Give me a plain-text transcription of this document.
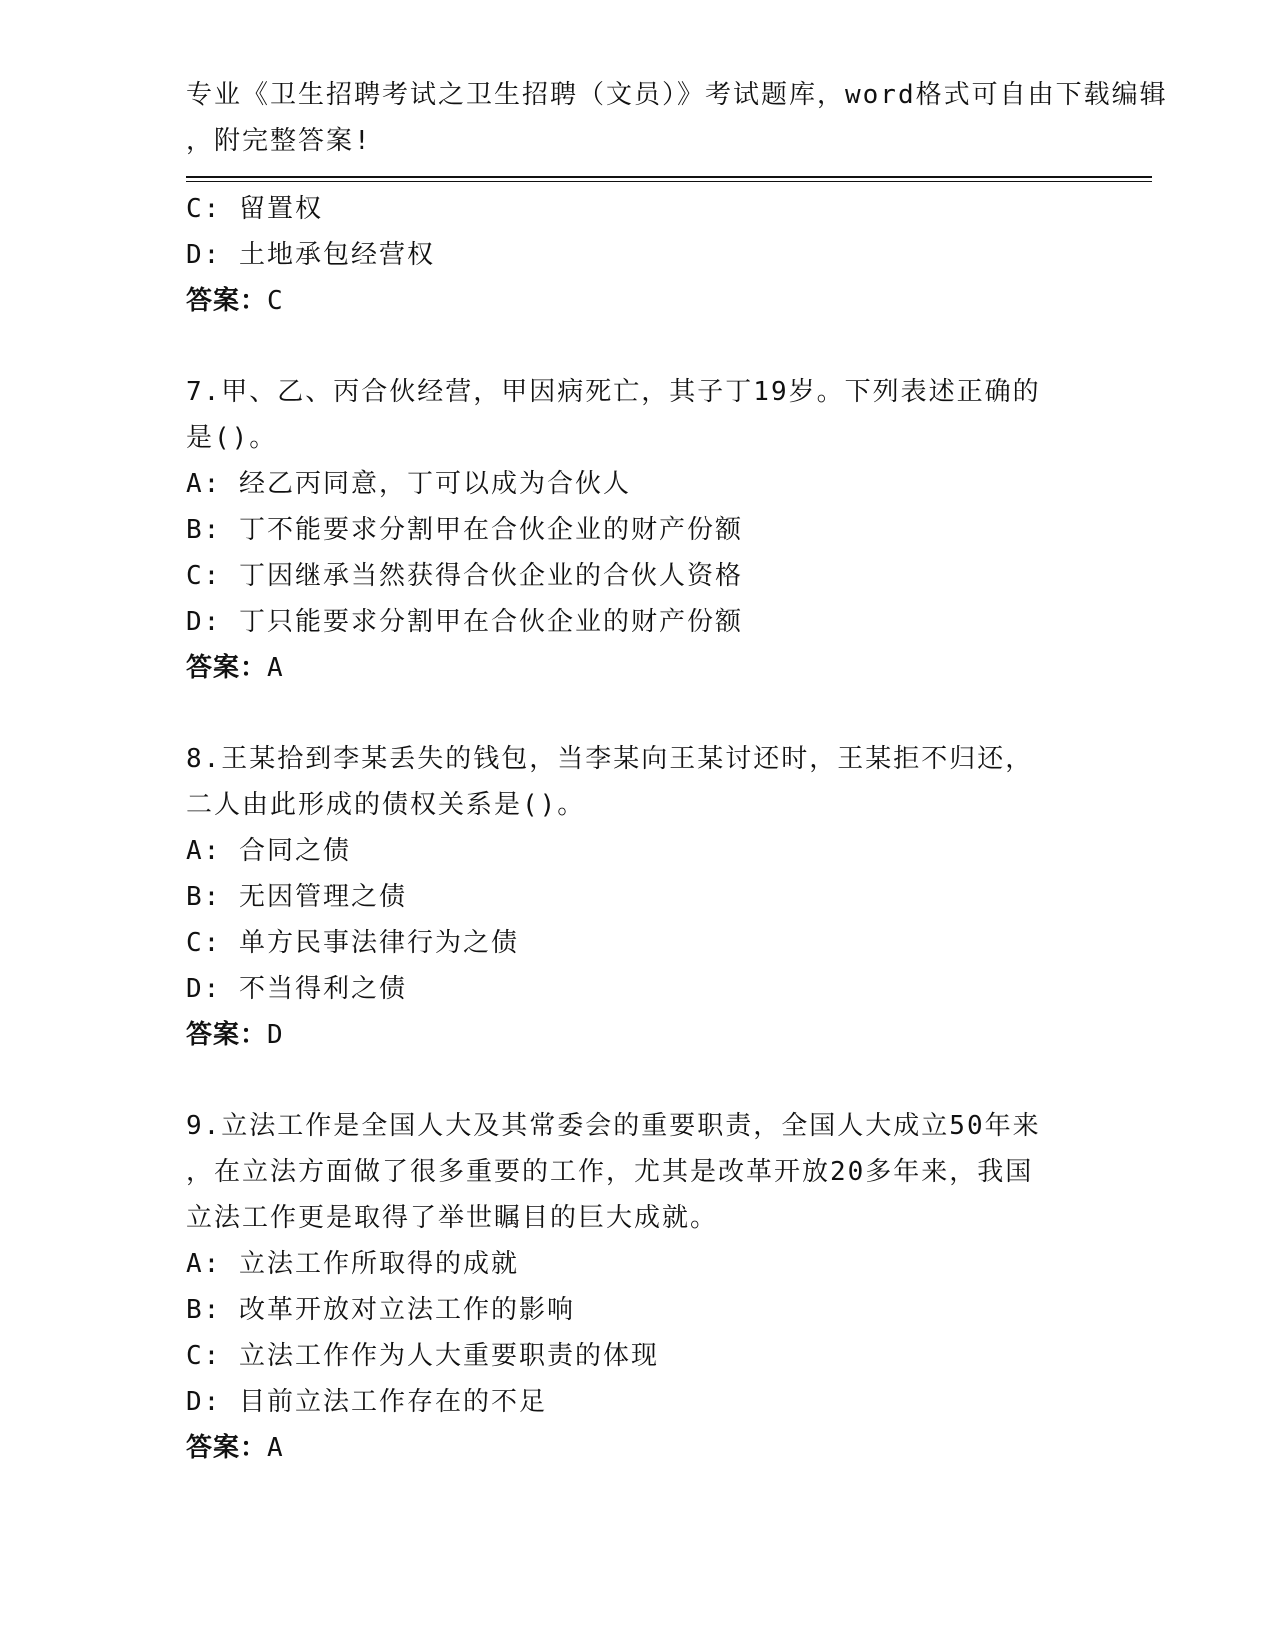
专业《卫生招聘考试之卫生招聘（文员）》考试题库，word格式可自由下载编辑
，附完整答案!
C: 留置权
D: 土地承包经营权
答案：C
7.甲、乙、丙合伙经营，甲因病死亡，其子丁19岁。下列表述正确的
是()。
A: 经乙丙同意，丁可以成为合伙人
B: 丁不能要求分割甲在合伙企业的财产份额
C: 丁因继承当然获得合伙企业的合伙人资格
D: 丁只能要求分割甲在合伙企业的财产份额
答案：A
8.王某拾到李某丢失的钱包，当李某向王某讨还时，王某拒不归还，
二人由此形成的债权关系是()。
A: 合同之债
B: 无因管理之债
C: 单方民事法律行为之债
D: 不当得利之债
答案：D
9.立法工作是全国人大及其常委会的重要职责，全国人大成立50年来
，在立法方面做了很多重要的工作，尤其是改革开放20多年来，我国
立法工作更是取得了举世瞩目的巨大成就。
A: 立法工作所取得的成就
B: 改革开放对立法工作的影响
C: 立法工作作为人大重要职责的体现
D: 目前立法工作存在的不足
答案：A
